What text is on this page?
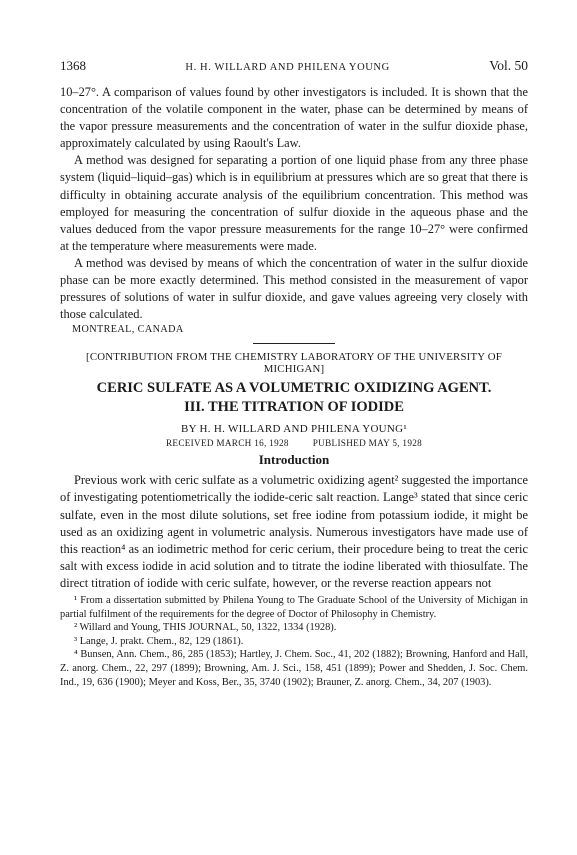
1368	H. H. WILLARD AND PHILENA YOUNG	Vol. 50

10–27°. A comparison of values found by other investigators is included. It is shown that the concentration of the volatile component in the water, phase can be determined by means of the vapor pressure measurements and the concentration of water in the sulfur dioxide phase, approximately calculated by using Raoult's Law.

A method was designed for separating a portion of one liquid phase from any three phase system (liquid–liquid–gas) which is in equilibrium at pressures which are so great that there is difficulty in obtaining accurate analysis of the equilibrium concentration. This method was employed for measuring the concentration of sulfur dioxide in the aqueous phase and the values deduced from the vapor pressure measurements for the range 10–27° were confirmed at the temperature where measurements were made.

A method was devised by means of which the concentration of water in the sulfur dioxide phase can be more exactly determined. This method consisted in the measurement of vapor pressures of solutions of water in sulfur dioxide, and gave values agreeing very closely with those calculated.

MONTREAL, CANADA
[CONTRIBUTION FROM THE CHEMISTRY LABORATORY OF THE UNIVERSITY OF MICHIGAN]
CERIC SULFATE AS A VOLUMETRIC OXIDIZING AGENT.
III. THE TITRATION OF IODIDE
BY H. H. WILLARD AND PHILENA YOUNG¹
RECEIVED MARCH 16, 1928	PUBLISHED MAY 5, 1928
Introduction

Previous work with ceric sulfate as a volumetric oxidizing agent² suggested the importance of investigating potentiometrically the iodide-ceric salt reaction. Lange³ stated that since ceric sulfate, even in the most dilute solutions, set free iodine from potassium iodide, it might be used as an oxidizing agent in volumetric analysis. Numerous investigators have made use of this reaction⁴ as an iodimetric method for ceric cerium, their procedure being to treat the ceric salt with excess iodide in acid solution and to titrate the iodine liberated with thiosulfate. The direct titration of iodide with ceric sulfate, however, or the reverse reaction appears not

¹ From a dissertation submitted by Philena Young to The Graduate School of the University of Michigan in partial fulfilment of the requirements for the degree of Doctor of Philosophy in Chemistry.

² Willard and Young, THIS JOURNAL, 50, 1322, 1334 (1928).

³ Lange, J. prakt. Chem., 82, 129 (1861).

⁴ Bunsen, Ann. Chem., 86, 285 (1853); Hartley, J. Chem. Soc., 41, 202 (1882); Browning, Hanford and Hall, Z. anorg. Chem., 22, 297 (1899); Browning, Am. J. Sci., 158, 451 (1899); Power and Shedden, J. Soc. Chem. Ind., 19, 636 (1900); Meyer and Koss, Ber., 35, 3740 (1902); Brauner, Z. anorg. Chem., 34, 207 (1903).
